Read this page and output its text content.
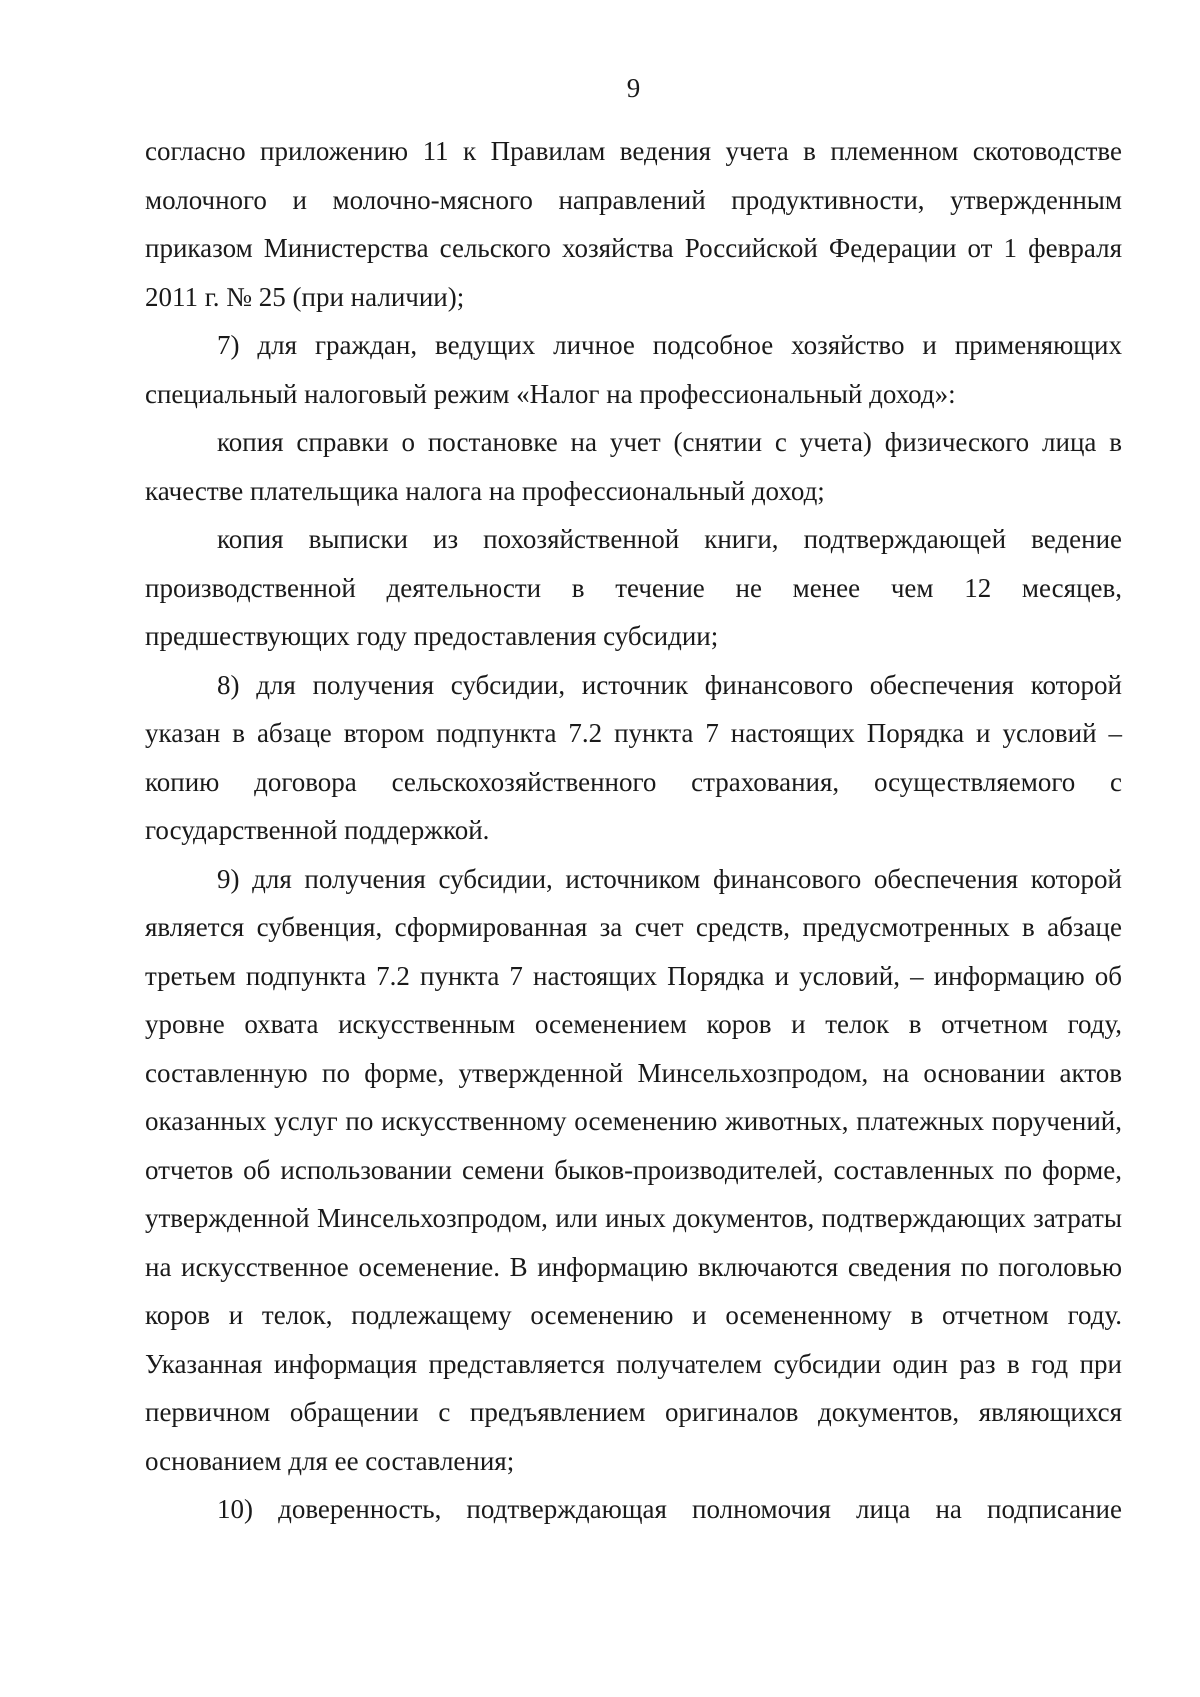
9

согласно приложению 11 к Правилам ведения учета в племенном скотоводстве молочного и молочно-мясного направлений продуктивности, утвержденным приказом Министерства сельского хозяйства Российской Федерации от 1 февраля 2011 г. № 25 (при наличии);

7) для граждан, ведущих личное подсобное хозяйство и применяющих специальный налоговый режим «Налог на профессиональный доход»:

копия справки о постановке на учет (снятии с учета) физического лица в качестве плательщика налога на профессиональный доход;

копия выписки из похозяйственной книги, подтверждающей ведение производственной деятельности в течение не менее чем 12 месяцев, предшествующих году предоставления субсидии;

8) для получения субсидии, источник финансового обеспечения которой указан в абзаце втором подпункта 7.2 пункта 7 настоящих Порядка и условий – копию договора сельскохозяйственного страхования, осуществляемого с государственной поддержкой.

9) для получения субсидии, источником финансового обеспечения которой является субвенция, сформированная за счет средств, предусмотренных в абзаце третьем подпункта 7.2 пункта 7 настоящих Порядка и условий, – информацию об уровне охвата искусственным осеменением коров и телок в отчетном году, составленную по форме, утвержденной Минсельхозпродом, на основании актов оказанных услуг по искусственному осеменению животных, платежных поручений, отчетов об использовании семени быков-производителей, составленных по форме, утвержденной Минсельхозпродом, или иных документов, подтверждающих затраты на искусственное осеменение. В информацию включаются сведения по поголовью коров и телок, подлежащему осеменению и осемененному в отчетном году. Указанная информация представляется получателем субсидии один раз в год при первичном обращении с предъявлением оригиналов документов, являющихся основанием для ее составления;

10) доверенность, подтверждающая полномочия лица на подписание
